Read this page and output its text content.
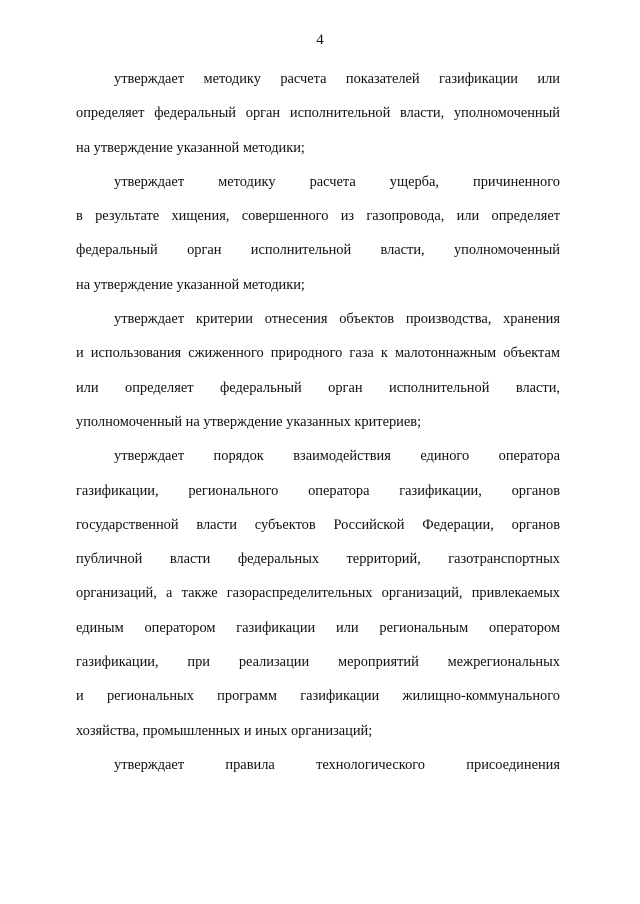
4

утверждает методику расчета показателей газификации или
определяет федеральный орган исполнительной власти, уполномоченный
на утверждение указанной методики;

утверждает методику расчета ущерба, причиненного
в результате хищения, совершенного из газопровода, или определяет
федеральный орган исполнительной власти, уполномоченный
на утверждение указанной методики;

утверждает критерии отнесения объектов производства, хранения
и использования сжиженного природного газа к малотоннажным объектам
или определяет федеральный орган исполнительной власти,
уполномоченный на утверждение указанных критериев;

утверждает порядок взаимодействия единого оператора
газификации, регионального оператора газификации, органов
государственной власти субъектов Российской Федерации, органов
публичной власти федеральных территорий, газотранспортных
организаций, а также газораспределительных организаций, привлекаемых
единым оператором газификации или региональным оператором
газификации, при реализации мероприятий межрегиональных
и региональных программ газификации жилищно-коммунального
хозяйства, промышленных и иных организаций;

утверждает правила технологического присоединения
